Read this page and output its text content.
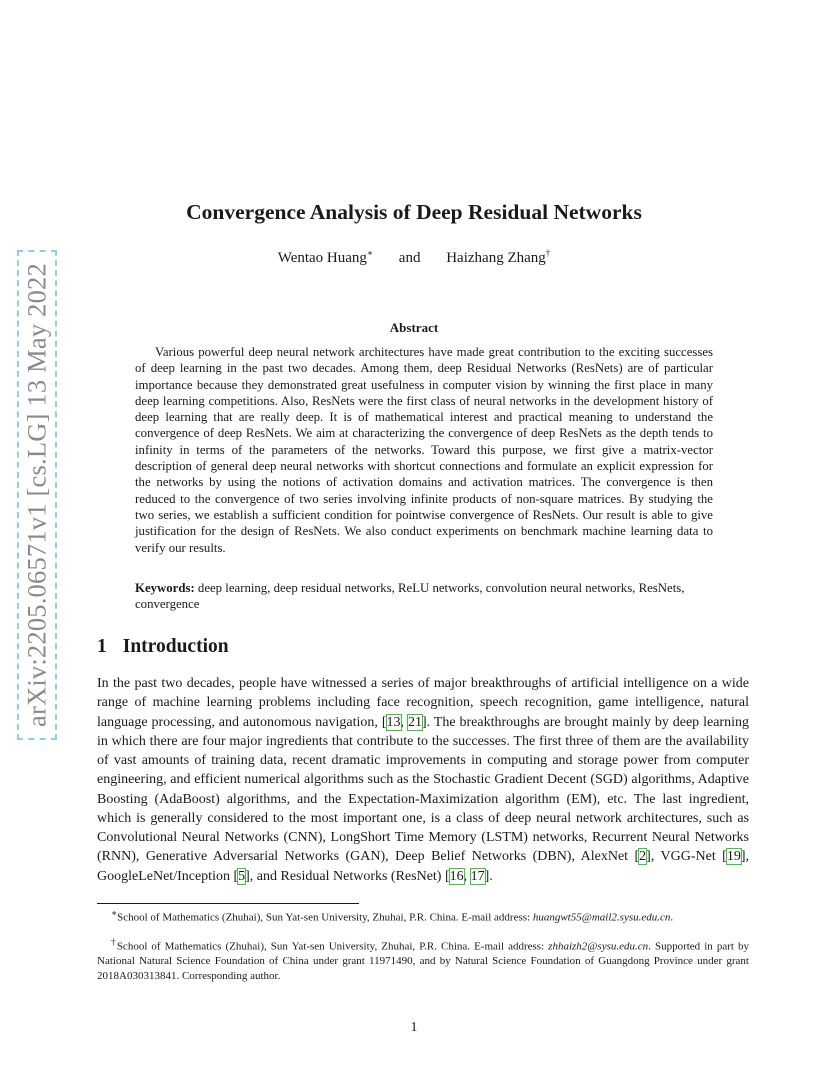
arXiv:2205.06571v1 [cs.LG] 13 May 2022
Convergence Analysis of Deep Residual Networks
Wentao Huang∗ and Haizhang Zhang†
Abstract

Various powerful deep neural network architectures have made great contribution to the exciting successes of deep learning in the past two decades. Among them, deep Residual Networks (ResNets) are of particular importance because they demonstrated great usefulness in computer vision by winning the first place in many deep learning competitions. Also, ResNets were the first class of neural networks in the development history of deep learning that are really deep. It is of mathematical interest and practical meaning to understand the convergence of deep ResNets. We aim at characterizing the convergence of deep ResNets as the depth tends to infinity in terms of the parameters of the networks. Toward this purpose, we first give a matrix-vector description of general deep neural networks with shortcut connections and formulate an explicit expression for the networks by using the notions of activation domains and activation matrices. The convergence is then reduced to the convergence of two series involving infinite products of non-square matrices. By studying the two series, we establish a sufficient condition for pointwise convergence of ResNets. Our result is able to give justification for the design of ResNets. We also conduct experiments on benchmark machine learning data to verify our results.

Keywords: deep learning, deep residual networks, ReLU networks, convolution neural networks, ResNets, convergence

1 Introduction

In the past two decades, people have witnessed a series of major breakthroughs of artificial intelligence on a wide range of machine learning problems including face recognition, speech recognition, game intelligence, natural language processing, and autonomous navigation, [13, 21]. The breakthroughs are brought mainly by deep learning in which there are four major ingredients that contribute to the successes. The first three of them are the availability of vast amounts of training data, recent dramatic improvements in computing and storage power from computer engineering, and efficient numerical algorithms such as the Stochastic Gradient Decent (SGD) algorithms, Adaptive Boosting (AdaBoost) algorithms, and the Expectation-Maximization algorithm (EM), etc. The last ingredient, which is generally considered to the most important one, is a class of deep neural network architectures, such as Convolutional Neural Networks (CNN), LongShort Time Memory (LSTM) networks, Recurrent Neural Networks (RNN), Generative Adversarial Networks (GAN), Deep Belief Networks (DBN), AlexNet [2], VGG-Net [19], GoogleLeNet/Inception [5], and Residual Networks (ResNet) [16, 17].

∗School of Mathematics (Zhuhai), Sun Yat-sen University, Zhuhai, P.R. China. E-mail address: huangwt55@mail2.sysu.edu.cn.

†School of Mathematics (Zhuhai), Sun Yat-sen University, Zhuhai, P.R. China. E-mail address: zhhaizh2@sysu.edu.cn. Supported in part by National Natural Science Foundation of China under grant 11971490, and by Natural Science Foundation of Guangdong Province under grant 2018A030313841. Corresponding author.

1
